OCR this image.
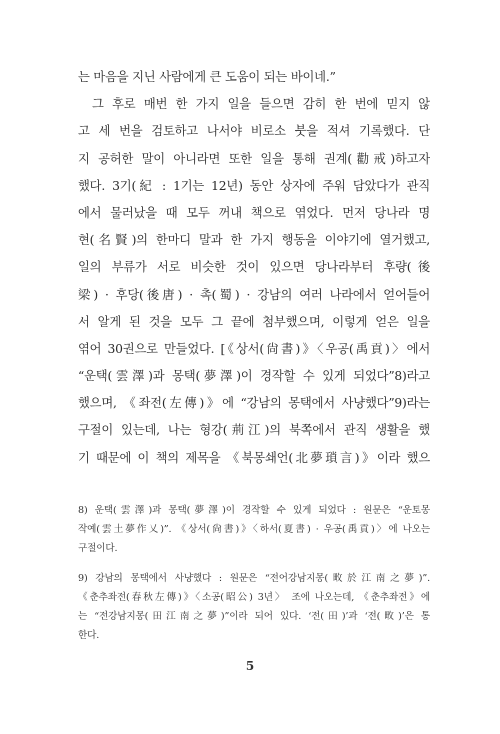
는 마음을 지닌 사람에게 큰 도움이 되는 바이네.”
그 후로 매번 한 가지 일을 들으면 감히 한 번에 믿지 않
고 세 번을 검토하고 나서야 비로소 붓을 적셔 기록했다. 단
지 공허한 말이 아니라면 또한 일을 통해 권계(勸戒)하고자
했다. 3기(紀 : 1기는 12년) 동안 상자에 주워 담았다가 관직
에서 물러났을 때 모두 꺼내 책으로 엮었다. 먼저 당나라 명
현(名賢)의 한마디 말과 한 가지 행동을 이야기에 열거했고,
일의 부류가 서로 비슷한 것이 있으면 당나라부터 후량(後
梁) · 후당(後唐) · 촉(蜀) · 강남의 여러 나라에서 얻어들어
서 알게 된 것을 모두 그 끝에 첨부했으며, 이렇게 얻은 일을
엮어 30권으로 만들었다. [《상서(尙書)》〈우공(禹貢)〉에서
“운택(雲澤)과 몽택(夢澤)이 경작할 수 있게 되었다”8)라고
했으며, 《좌전(左傳)》에 “강남의 몽택에서 사냥했다”9)라는
구절이 있는데, 나는 형강(荊江)의 북쪽에서 관직 생활을 했
기 때문에 이 책의 제목을 《북몽쇄언(北夢瑣言)》이라 했으
8) 운택(雲澤)과 몽택(夢澤)이 경작할 수 있게 되었다 : 원문은 “운토몽
작예(雲土夢作乂)”. 《상서(尙書)》〈하서(夏書) · 우공(禹貢)〉에 나오는
구절이다.
9) 강남의 몽택에서 사냥했다 : 원문은 “전어강남지몽(畋於江南之夢)”.
《춘추좌전(春秋左傳)》〈소공(昭公) 3년〉 조에 나오는데, 《춘추좌전》에
는 “전강남지몽(田江南之夢)”이라 되어 있다. ‘전(田)’과 ‘전(畋)’은 통
한다.
5
